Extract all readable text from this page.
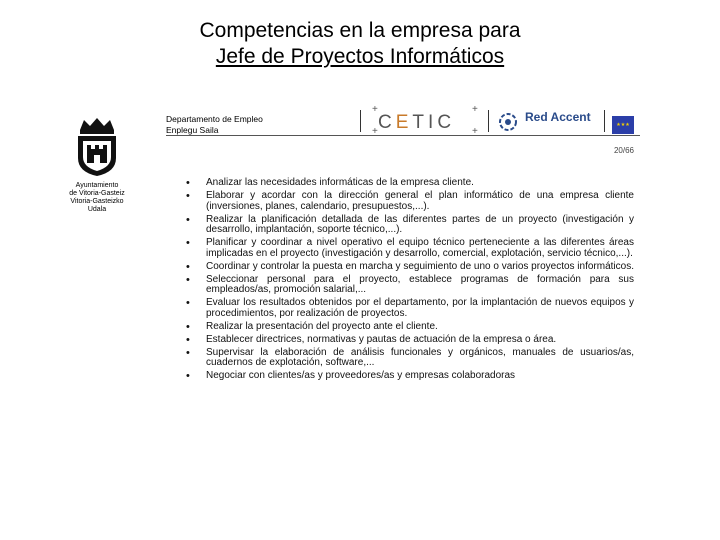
Competencias en la empresa para
Jefe de Proyectos Informáticos
Ayuntamiento
de Vitoria-Gasteiz
Vitoria-Gasteizko
Udala
Departamento de Empleo
Enplegu Saila
+
+ CETIC
+
+
Red Accent
★★★
20/66
• Analizar las necesidades informáticas de la empresa cliente.
• Elaborar y acordar con la dirección general el plan informático de una empresa cliente (inversiones, planes, calendario, presupuestos,...).
• Realizar la planificación detallada de las diferentes partes de un proyecto (investigación y desarrollo, implantación, soporte técnico,...).
• Planificar y coordinar a nivel operativo el equipo técnico perteneciente a las diferentes áreas implicadas en el proyecto (investigación y desarrollo, comercial, explotación, servicio técnico,...).
• Coordinar y controlar la puesta en marcha y seguimiento de uno o varios proyectos informáticos.
• Seleccionar personal para el proyecto, establece programas de formación para sus empleados/as, promoción salarial,...
• Evaluar los resultados obtenidos por el departamento, por la implantación de nuevos equipos y procedimientos, por realización de proyectos.
• Realizar la presentación del proyecto ante el cliente.
• Establecer directrices, normativas y pautas de actuación de la empresa o área.
• Supervisar la elaboración de análisis funcionales y orgánicos, manuales de usuarios/as, cuadernos de explotación, software,...
• Negociar con clientes/as y proveedores/as y empresas colaboradoras
